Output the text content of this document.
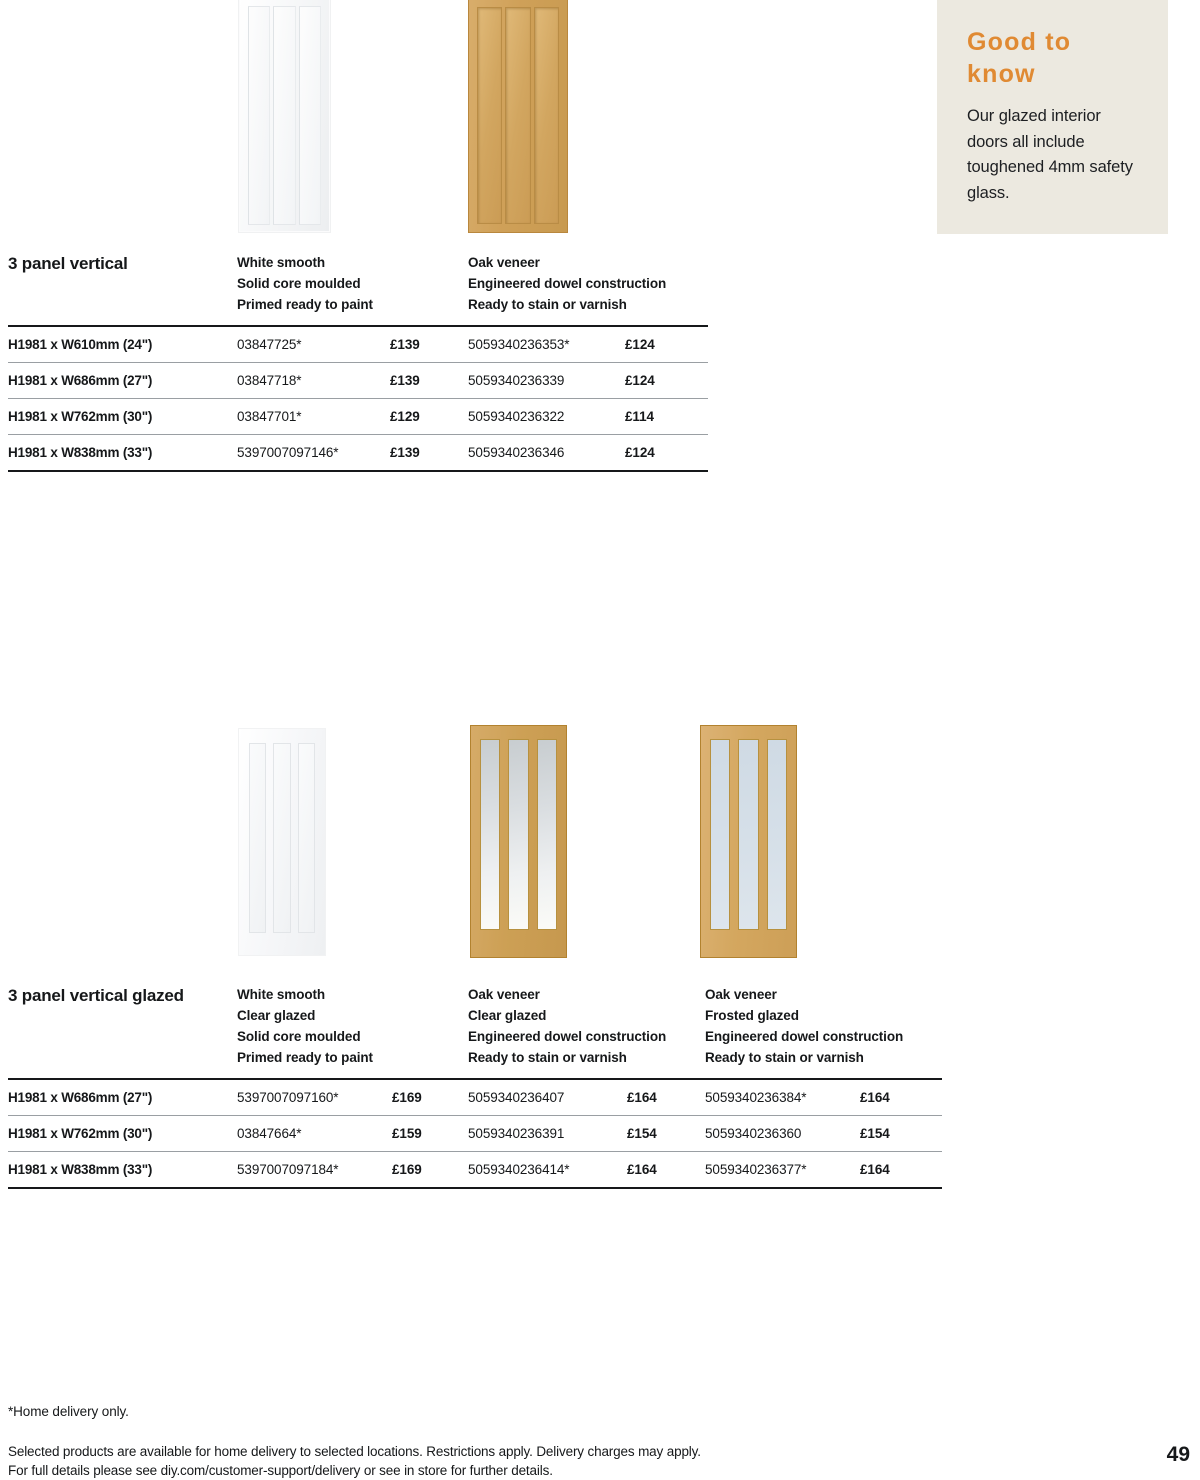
Good to know
Our glazed interior doors all include toughened 4mm safety glass.
3 panel vertical	White smooth
Solid core moulded
Primed ready to paint
Oak veneer
Engineered dowel construction
Ready to stain or varnish
H1981 x W610mm (24")	03847725*	£139	5059340236353*	£124
H1981 x W686mm (27")	03847718*	£139	5059340236339	£124
H1981 x W762mm (30")	03847701*	£129	5059340236322	£114
H1981 x W838mm (33")	5397007097146*	£139	5059340236346	£124
3 panel vertical glazed	White smooth
Clear glazed
Solid core moulded
Primed ready to paint
Oak veneer
Clear glazed
Engineered dowel construction
Ready to stain or varnish
Oak veneer
Frosted glazed
Engineered dowel construction
Ready to stain or varnish
H1981 x W686mm (27")	5397007097160*	£169	5059340236407	£164	5059340236384*	£164
H1981 x W762mm (30")	03847664*	£159	5059340236391	£154	5059340236360	£154
H1981 x W838mm (33")	5397007097184*	£169	5059340236414*	£164	5059340236377*	£164
*Home delivery only.
Selected products are available for home delivery to selected locations. Restrictions apply. Delivery charges may apply.
For full details please see diy.com/customer-support/delivery or see in store for further details.
49
